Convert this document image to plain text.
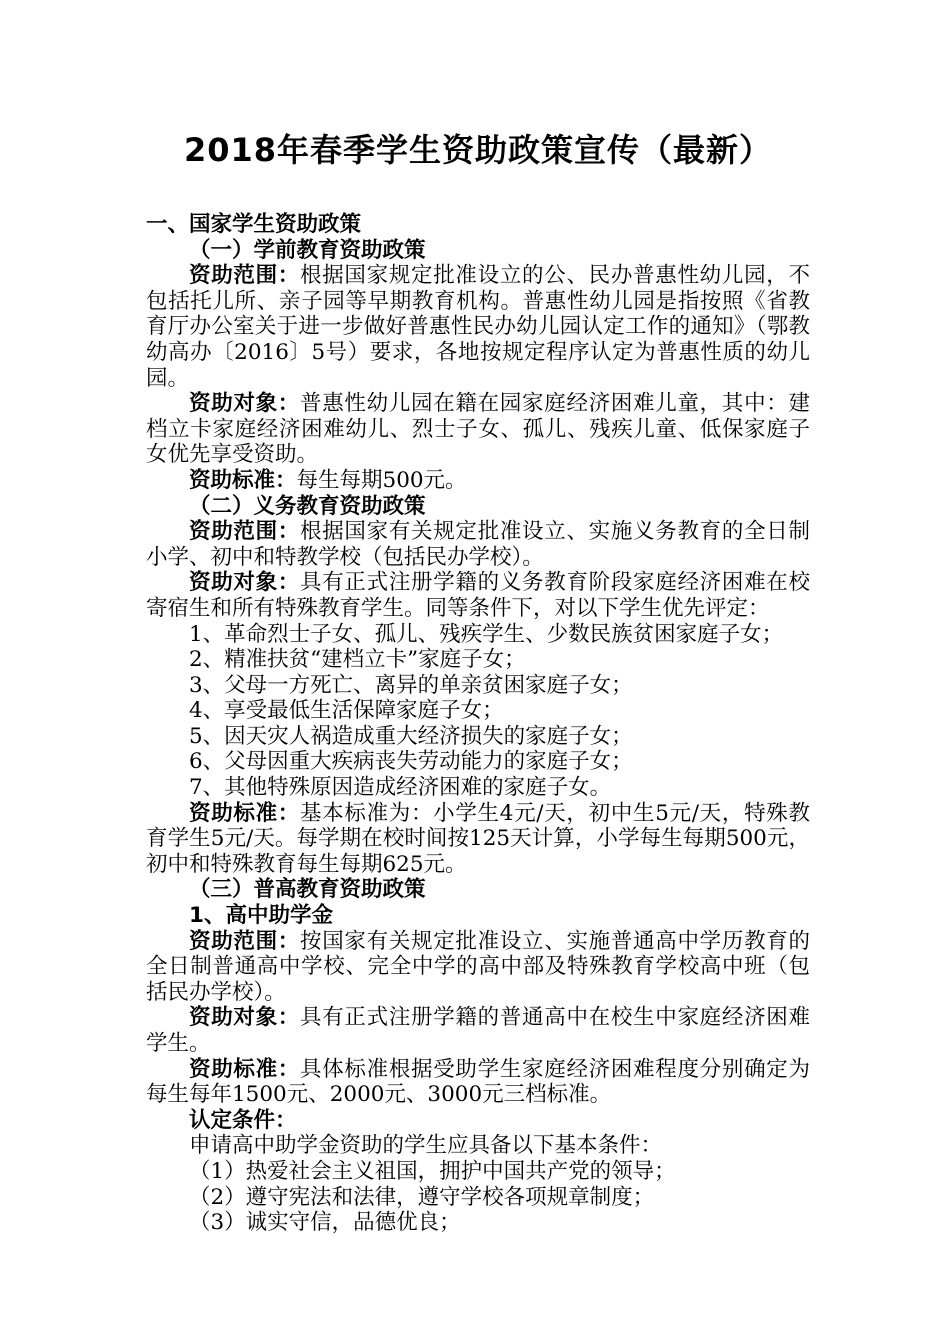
2018年春季学生资助政策宣传（最新）

一、国家学生资助政策

（一）学前教育资助政策

资助范围：根据国家规定批准设立的公、民办普惠性幼儿园，不包括托儿所、亲子园等早期教育机构。普惠性幼儿园是指按照《省教育厅办公室关于进一步做好普惠性民办幼儿园认定工作的通知》（鄂教幼高办〔2016〕5号）要求，各地按规定程序认定为普惠性质的幼儿园。

资助对象：普惠性幼儿园在籍在园家庭经济困难儿童，其中：建档立卡家庭经济困难幼儿、烈士子女、孤儿、残疾儿童、低保家庭子女优先享受资助。

资助标准：每生每期500元。

（二）义务教育资助政策

资助范围：根据国家有关规定批准设立、实施义务教育的全日制小学、初中和特教学校（包括民办学校）。

资助对象：具有正式注册学籍的义务教育阶段家庭经济困难在校寄宿生和所有特殊教育学生。同等条件下，对以下学生优先评定：

1、革命烈士子女、孤儿、残疾学生、少数民族贫困家庭子女；

2、精准扶贫“建档立卡”家庭子女；

3、父母一方死亡、离异的单亲贫困家庭子女；

4、享受最低生活保障家庭子女；

5、因天灾人祸造成重大经济损失的家庭子女；

6、父母因重大疾病丧失劳动能力的家庭子女；

7、其他特殊原因造成经济困难的家庭子女。

资助标准：基本标准为：小学生4元/天，初中生5元/天，特殊教育学生5元/天。每学期在校时间按125天计算，小学每生每期500元，初中和特殊教育每生每期625元。

（三）普高教育资助政策

1、高中助学金

资助范围：按国家有关规定批准设立、实施普通高中学历教育的全日制普通高中学校、完全中学的高中部及特殊教育学校高中班（包括民办学校）。

资助对象：具有正式注册学籍的普通高中在校生中家庭经济困难学生。

资助标准：具体标准根据受助学生家庭经济困难程度分别确定为每生每年1500元、2000元、3000元三档标准。

认定条件：

申请高中助学金资助的学生应具备以下基本条件：

（1）热爱社会主义祖国，拥护中国共产党的领导；

（2）遵守宪法和法律，遵守学校各项规章制度；

（3）诚实守信，品德优良；
